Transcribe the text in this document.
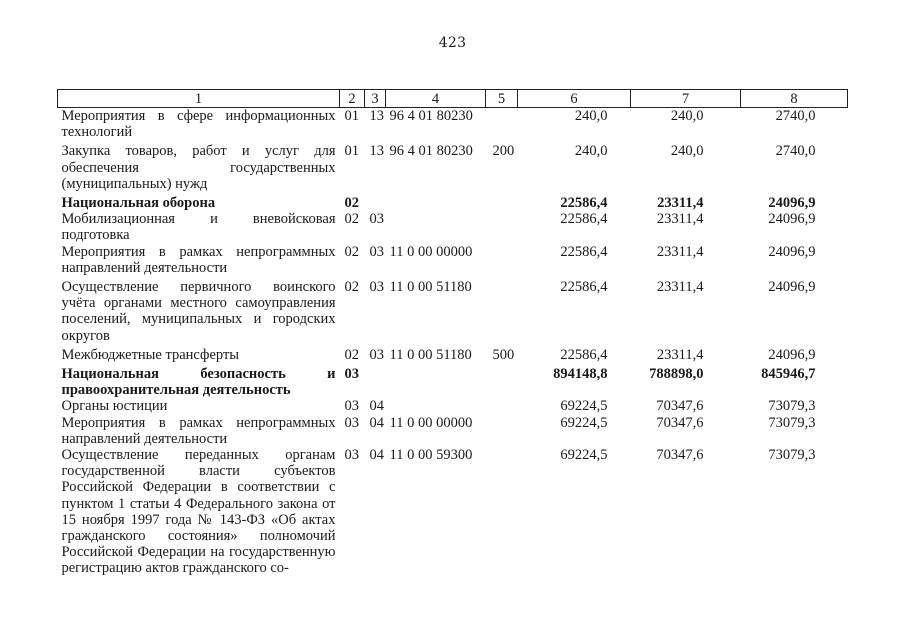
423
1	2	3	4	5	6	7	8
Мероприятия в сфере информационных технологий	01	13	96 4 01 80230		240,0	240,0	2740,0
Закупка товаров, работ и услуг для обеспечения государственных (муниципальных) нужд	01	13	96 4 01 80230	200	240,0	240,0	2740,0
Национальная оборона	02				22586,4	23311,4	24096,9
Мобилизационная и вневойсковая подготовка	02	03			22586,4	23311,4	24096,9
Мероприятия в рамках непрограммных направлений деятельности	02	03	11 0 00 00000		22586,4	23311,4	24096,9
Осуществление первичного воинского учёта органами местного самоуправления поселений, муниципальных и городских округов	02	03	11 0 00 51180		22586,4	23311,4	24096,9
Межбюджетные трансферты	02	03	11 0 00 51180	500	22586,4	23311,4	24096,9
Национальная безопасность и правоохранительная деятельность	03				894148,8	788898,0	845946,7
Органы юстиции	03	04			69224,5	70347,6	73079,3
Мероприятия в рамках непрограммных направлений деятельности	03	04	11 0 00 00000		69224,5	70347,6	73079,3
Осуществление переданных органам государственной власти субъектов Российской Федерации в соответствии с пунктом 1 статьи 4 Федерального закона от 15 ноября 1997 года № 143-ФЗ «Об актах гражданского состояния» полномочий Российской Федерации на государственную регистрацию актов гражданского со-	03	04	11 0 00 59300		69224,5	70347,6	73079,3
